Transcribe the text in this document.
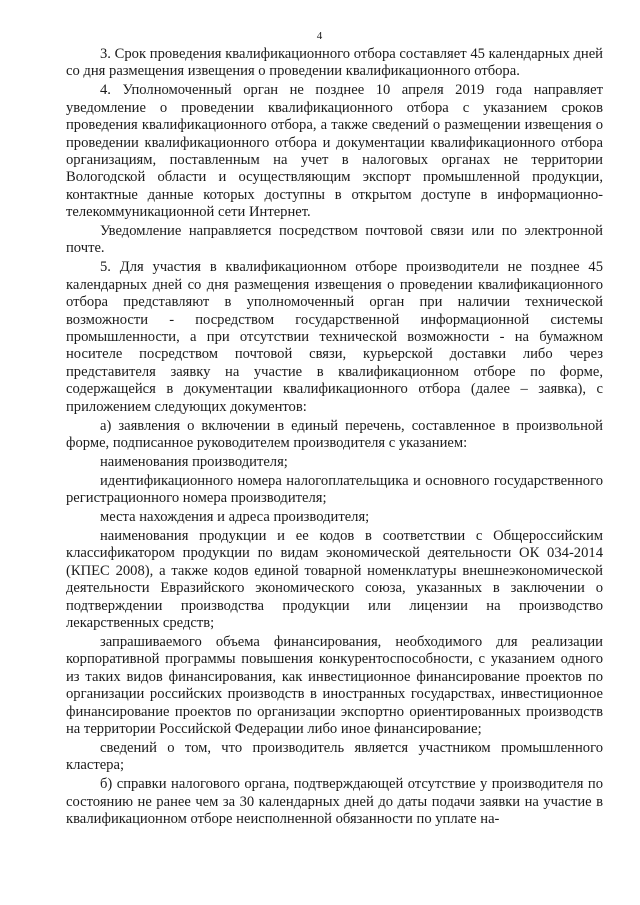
4

3. Срок проведения квалификационного отбора составляет 45 календарных дней со дня размещения извещения о проведении квалификационного отбора.

4. Уполномоченный орган не позднее 10 апреля 2019 года направляет уведомление о проведении квалификационного отбора с указанием сроков проведения квалификационного отбора, а также сведений о размещении извещения о проведении квалификационного отбора и документации квалификационного отбора организациям, поставленным на учет в налоговых органах не территории Вологодской области и осуществляющим экспорт промышленной продукции, контактные данные которых доступны в открытом доступе в информационно-телекоммуникационной сети Интернет.

Уведомление направляется посредством почтовой связи или по электронной почте.

5. Для участия в квалификационном отборе производители не позднее 45 календарных дней со дня размещения извещения о проведении квалификационного отбора представляют в уполномоченный орган при наличии технической возможности - посредством государственной информационной системы промышленности, а при отсутствии технической возможности - на бумажном носителе посредством почтовой связи, курьерской доставки либо через представителя заявку на участие в квалификационном отборе по форме, содержащейся в документации квалификационного отбора (далее – заявка), с приложением следующих документов:

а) заявления о включении в единый перечень, составленное в произвольной форме, подписанное руководителем производителя с указанием:

наименования производителя;

идентификационного номера налогоплательщика и основного государственного регистрационного номера производителя;

места нахождения и адреса производителя;

наименования продукции и ее кодов в соответствии с Общероссийским классификатором продукции по видам экономической деятельности ОК 034-2014 (КПЕС 2008), а также кодов единой товарной номенклатуры внешнеэкономической деятельности Евразийского экономического союза, указанных в заключении о подтверждении производства продукции или лицензии на производство лекарственных средств;

запрашиваемого объема финансирования, необходимого для реализации корпоративной программы повышения конкурентоспособности, с указанием одного из таких видов финансирования, как инвестиционное финансирование проектов по организации российских производств в иностранных государствах, инвестиционное финансирование проектов по организации экспортно ориентированных производств на территории Российской Федерации либо иное финансирование;

сведений о том, что производитель является участником промышленного кластера;

б) справки налогового органа, подтверждающей отсутствие у производителя по состоянию не ранее чем за 30 календарных дней до даты подачи заявки на участие в квалификационном отборе неисполненной обязанности по уплате на-
